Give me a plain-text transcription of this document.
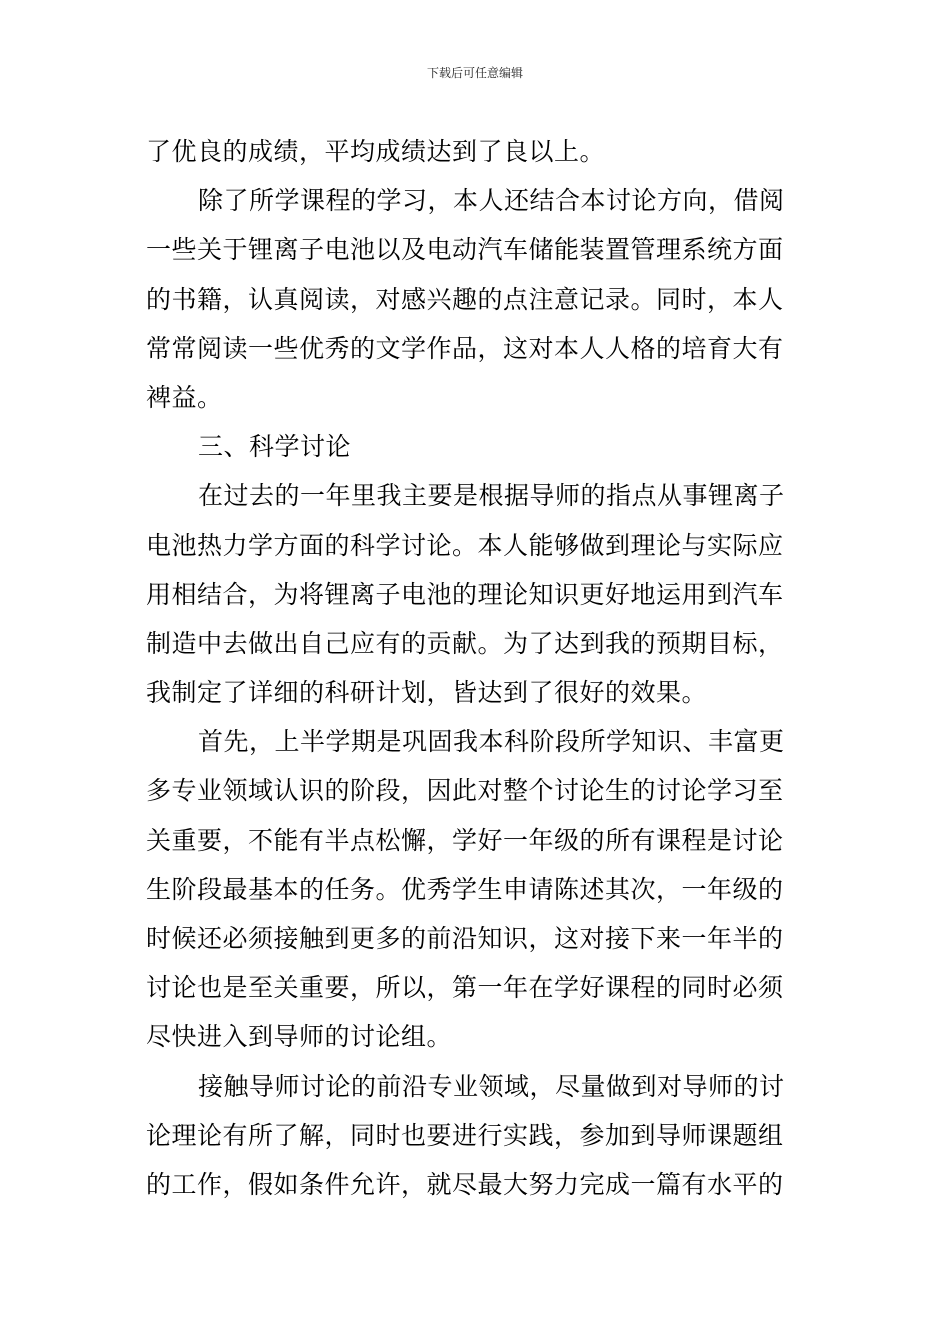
下载后可任意编辑
了优良的成绩，平均成绩达到了良以上。
除了所学课程的学习，本人还结合本讨论方向，借阅
一些关于锂离子电池以及电动汽车储能装置管理系统方面
的书籍，认真阅读，对感兴趣的点注意记录。同时，本人
常常阅读一些优秀的文学作品，这对本人人格的培育大有
裨益。
三、科学讨论
在过去的一年里我主要是根据导师的指点从事锂离子
电池热力学方面的科学讨论。本人能够做到理论与实际应
用相结合，为将锂离子电池的理论知识更好地运用到汽车
制造中去做出自己应有的贡献。为了达到我的预期目标，
我制定了详细的科研计划，皆达到了很好的效果。
首先，上半学期是巩固我本科阶段所学知识、丰富更
多专业领域认识的阶段，因此对整个讨论生的讨论学习至
关重要，不能有半点松懈，学好一年级的所有课程是讨论
生阶段最基本的任务。优秀学生申请陈述其次，一年级的
时候还必须接触到更多的前沿知识，这对接下来一年半的
讨论也是至关重要，所以，第一年在学好课程的同时必须
尽快进入到导师的讨论组。
接触导师讨论的前沿专业领域，尽量做到对导师的讨
论理论有所了解，同时也要进行实践，参加到导师课题组
的工作，假如条件允许，就尽最大努力完成一篇有水平的
